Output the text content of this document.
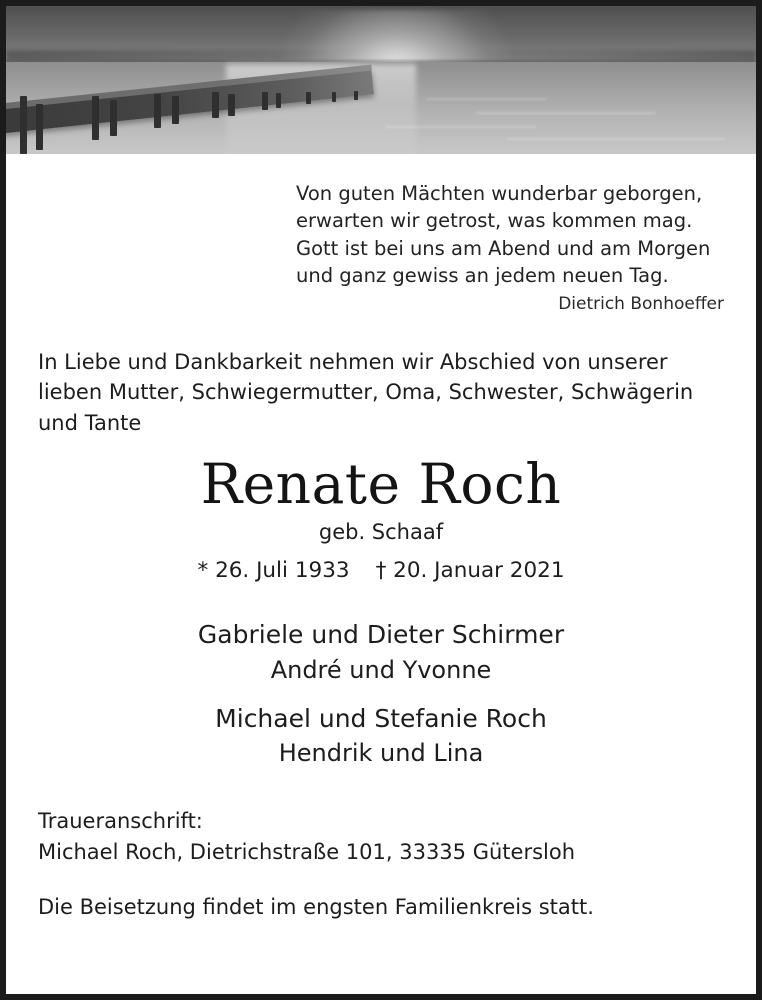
Von guten Mächten wunderbar geborgen,
erwarten wir getrost, was kommen mag.
Gott ist bei uns am Abend und am Morgen
und ganz gewiss an jedem neuen Tag.
Dietrich Bonhoeffer
In Liebe und Dankbarkeit nehmen wir Abschied von unserer lieben Mutter, Schwiegermutter, Oma, Schwester, Schwägerin und Tante
Renate Roch
geb. Schaaf
* 26. Juli 1933 † 20. Januar 2021
Gabriele und Dieter Schirmer
André und Yvonne
Michael und Stefanie Roch
Hendrik und Lina
Traueranschrift:
Michael Roch, Dietrichstraße 101, 33335 Gütersloh
Die Beisetzung findet im engsten Familienkreis statt.
